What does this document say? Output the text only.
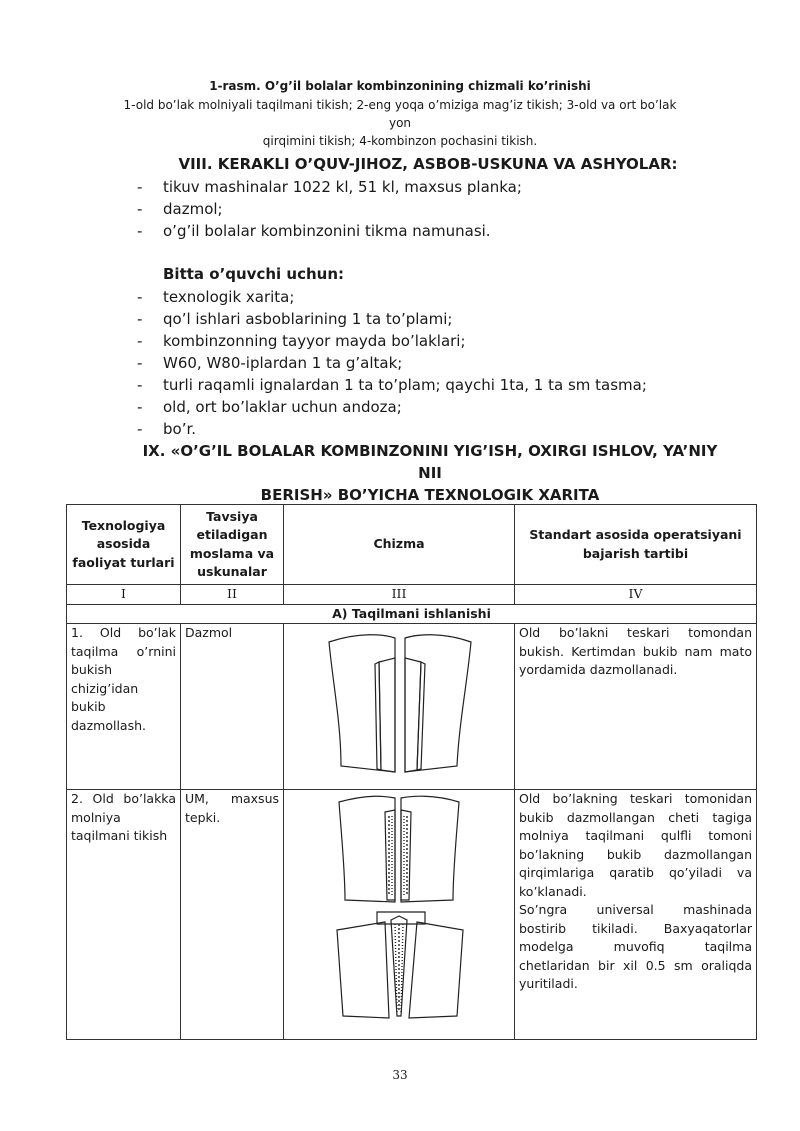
1-rasm. O’g’il bolalar kombinzonining chizmali ko’rinishi
1-old bo’lak molniyali taqilmani tikish; 2-eng yoqa o’miziga mag’iz tikish; 3-old va ort bo’lak yon
qirqimini tikish; 4-kombinzon pochasini tikish.
VIII. KERAKLI O’QUV-JIHOZ, ASBOB-USKUNA VA ASHYOLAR:
- tikuv mashinalar 1022 kl, 51 kl, maxsus planka;
- dazmol;
- o’g’il bolalar kombinzonini tikma namunasi.
Bitta o’quvchi uchun:
- texnologik xarita;
- qo’l ishlari asboblarining 1 ta to’plami;
- kombinzonning tayyor mayda bo’laklari;
- W60, W80-iplardan 1 ta g’altak;
- turli raqamli ignalardan 1 ta to’plam; qaychi 1ta, 1 ta sm tasma;
- old, ort bo’laklar uchun andoza;
- bo’r.
IX. «O’G’IL BOLALAR KOMBINZONINI YIG’ISH, OXIRGI ISHLOV, YA’NIY NII
BERISH» BO’YICHA TEXNOLOGIK XARITA
Texnologiya asosida faoliyat turlari	Tavsiya etiladigan moslama va uskunalar	Chizma	Standart asosida operatsiyani bajarish tartibi
I	II	III	IV
A) Taqilmani ishlanishi			
1. Old bo’lak taqilma o’rnini bukish chizig’idan bukib dazmollash.	Dazmol		Old bo’lakni teskari tomondan bukish. Kertimdan bukib nam mato yordamida dazmollanadi.
2. Old bo’lakka molniya taqilmani tikish	UM, maxsus tepki.		Old bo’lakning teskari tomonidan bukib dazmollangan cheti tagiga molniya taqilmani qulfli tomoni bo’lakning bukib dazmollangan qirqimlariga qaratib qo’yiladi va ko’klanadi.
So’ngra universal mashinada bostirib tikiladi. Baxyaqatorlar modelga muvofiq taqilma chetlaridan bir xil 0.5 sm oraliqda yuritiladi.
33
